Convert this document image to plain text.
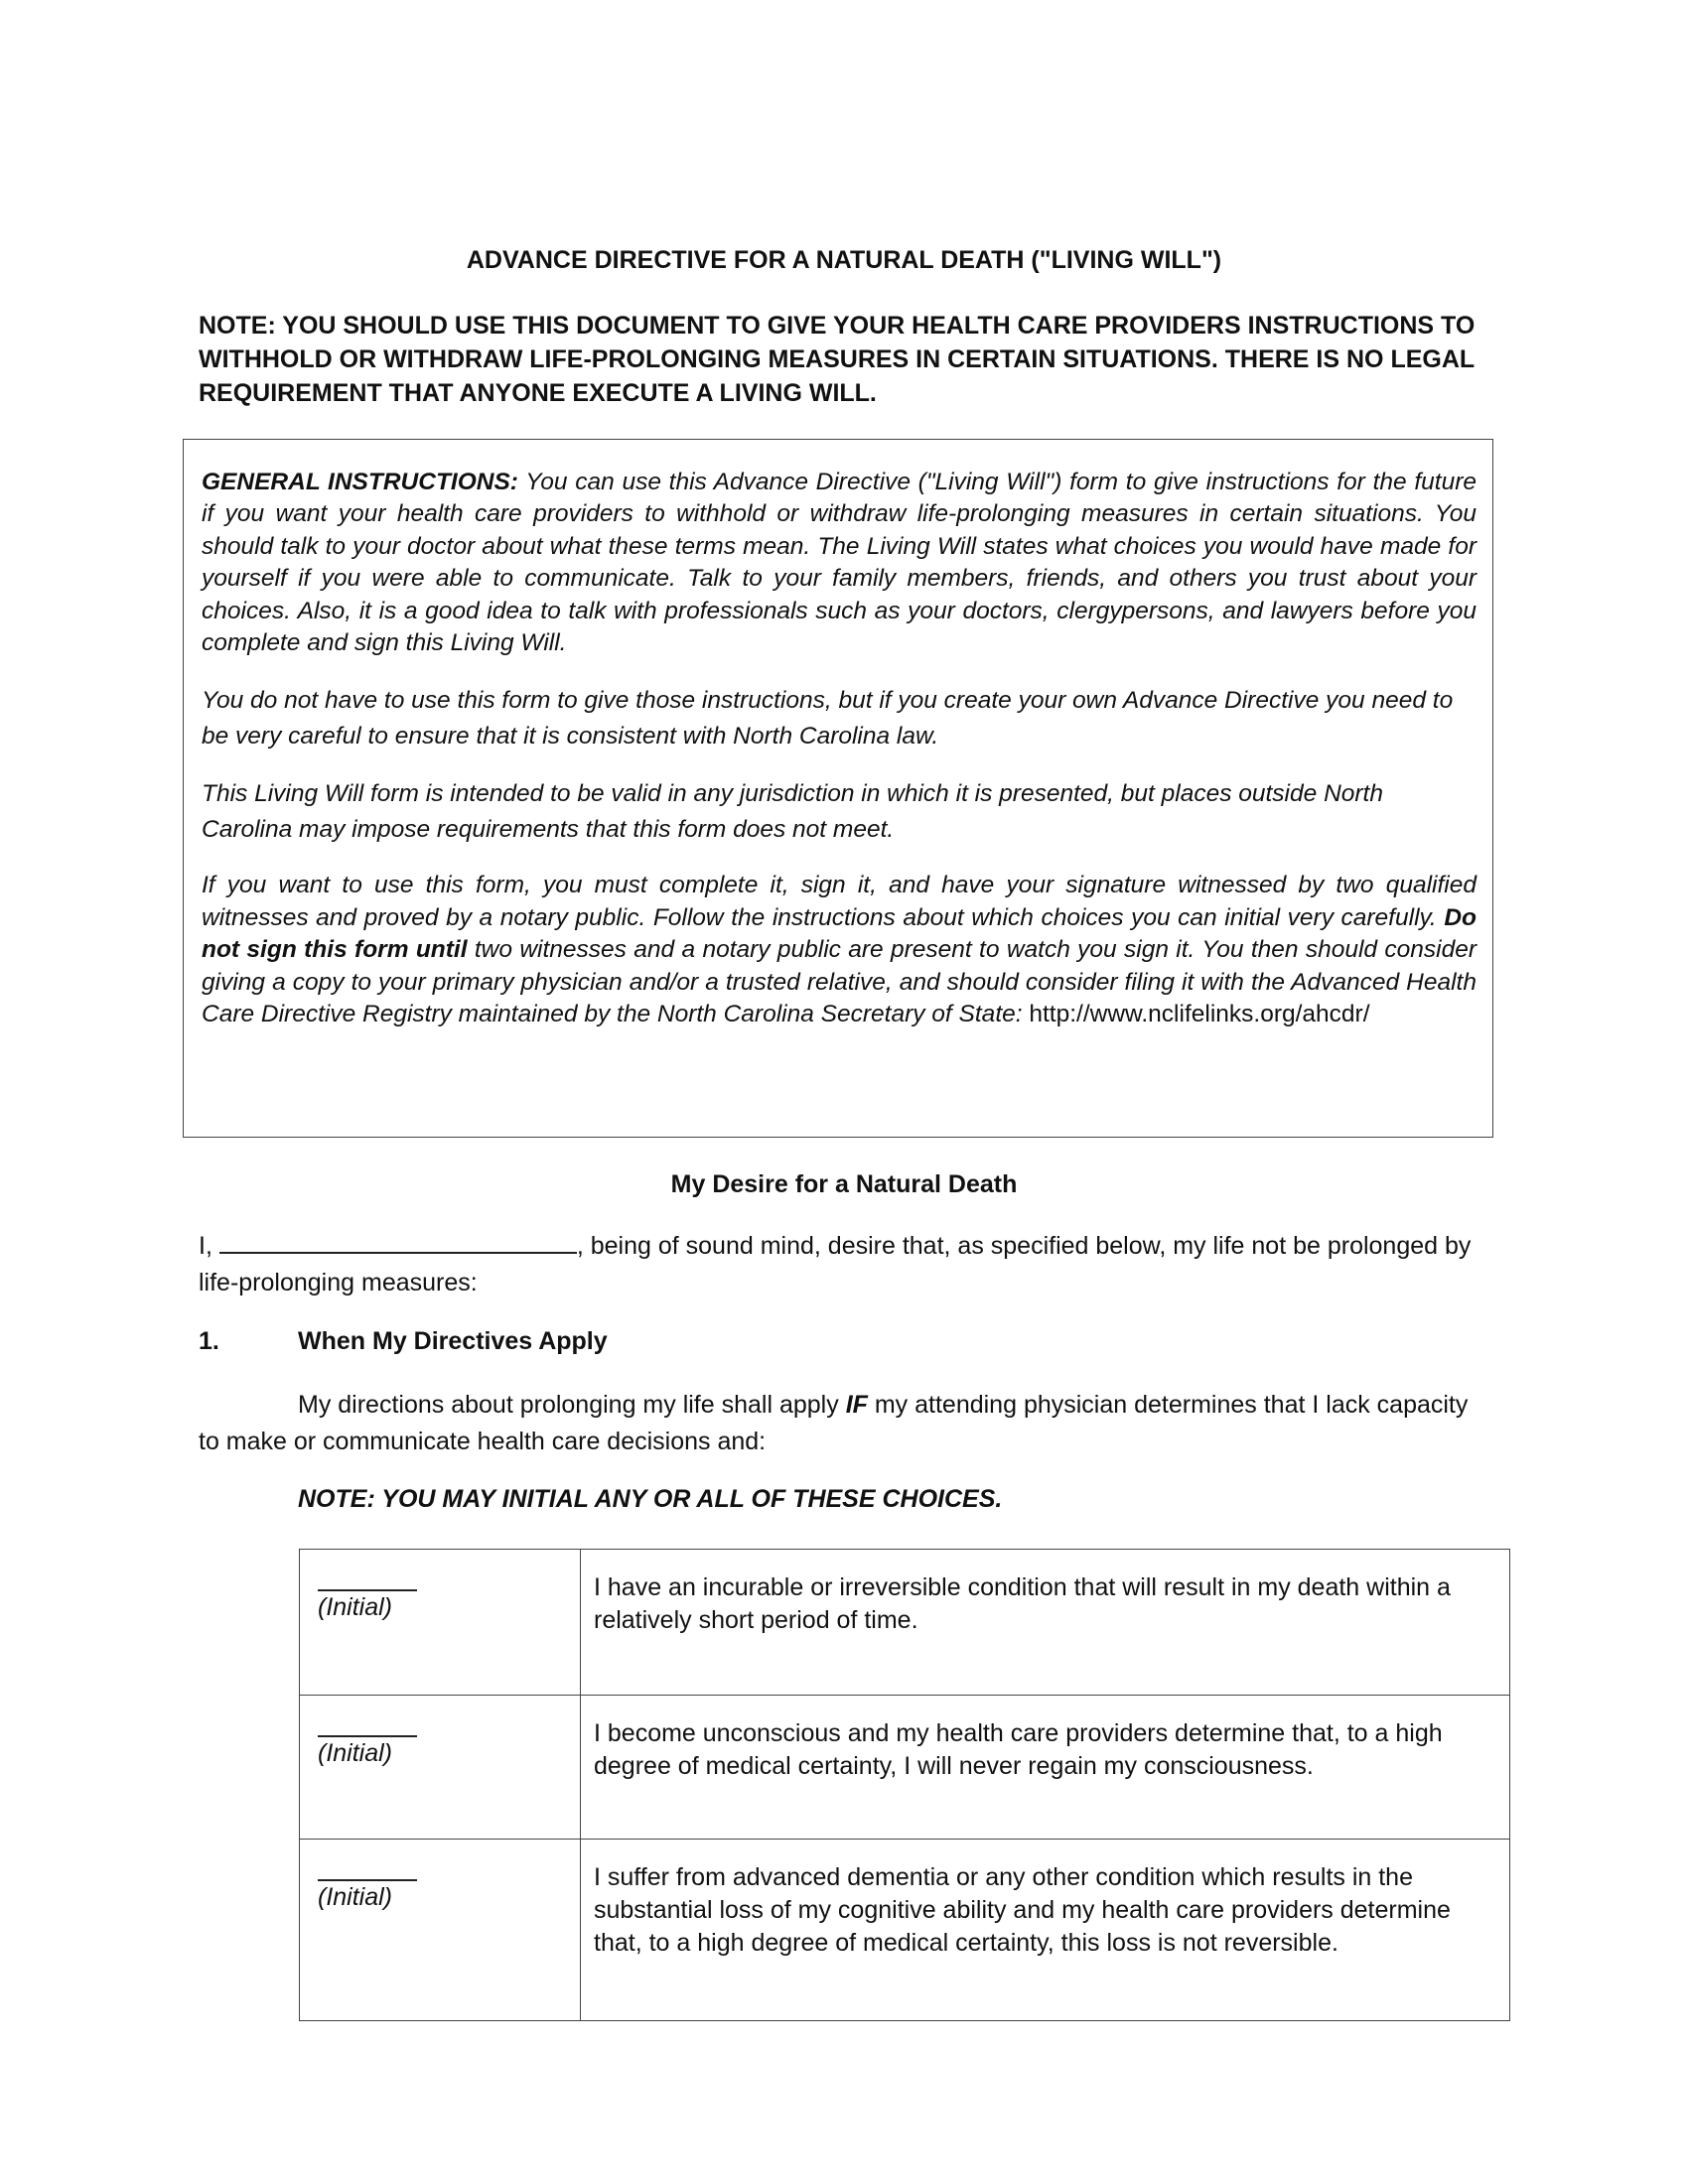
ADVANCE DIRECTIVE FOR A NATURAL DEATH ("LIVING WILL")
NOTE: YOU SHOULD USE THIS DOCUMENT TO GIVE YOUR HEALTH CARE PROVIDERS INSTRUCTIONS TO WITHHOLD OR WITHDRAW LIFE-PROLONGING MEASURES IN CERTAIN SITUATIONS. THERE IS NO LEGAL REQUIREMENT THAT ANYONE EXECUTE A LIVING WILL.

GENERAL INSTRUCTIONS: You can use this Advance Directive ("Living Will") form to give instructions for the future if you want your health care providers to withhold or withdraw life-prolonging measures in certain situations. You should talk to your doctor about what these terms mean. The Living Will states what choices you would have made for yourself if you were able to communicate. Talk to your family members, friends, and others you trust about your choices. Also, it is a good idea to talk with professionals such as your doctors, clergypersons, and lawyers before you complete and sign this Living Will.

You do not have to use this form to give those instructions, but if you create your own Advance Directive you need to be very careful to ensure that it is consistent with North Carolina law.

This Living Will form is intended to be valid in any jurisdiction in which it is presented, but places outside North Carolina may impose requirements that this form does not meet.

If you want to use this form, you must complete it, sign it, and have your signature witnessed by two qualified witnesses and proved by a notary public. Follow the instructions about which choices you can initial very carefully. Do not sign this form until two witnesses and a notary public are present to watch you sign it. You then should consider giving a copy to your primary physician and/or a trusted relative, and should consider filing it with the Advanced Health Care Directive Registry maintained by the North Carolina Secretary of State: http://www.nclifelinks.org/ahcdr/

My Desire for a Natural Death
I,	, being of sound mind, desire that, as specified below, my life not be prolonged by life-prolonging measures:
1.	When My Directives Apply
My directions about prolonging my life shall apply IF my attending physician determines that I lack capacity to make or communicate health care decisions and:
NOTE: YOU MAY INITIAL ANY OR ALL OF THESE CHOICES.
(Initial)	I have an incurable or irreversible condition that will result in my death within a relatively short period of time.

(Initial)	I become unconscious and my health care providers determine that, to a high degree of medical certainty, I will never regain my consciousness.

(Initial)	I suffer from advanced dementia or any other condition which results in the substantial loss of my cognitive ability and my health care providers determine that, to a high degree of medical certainty, this loss is not reversible.
